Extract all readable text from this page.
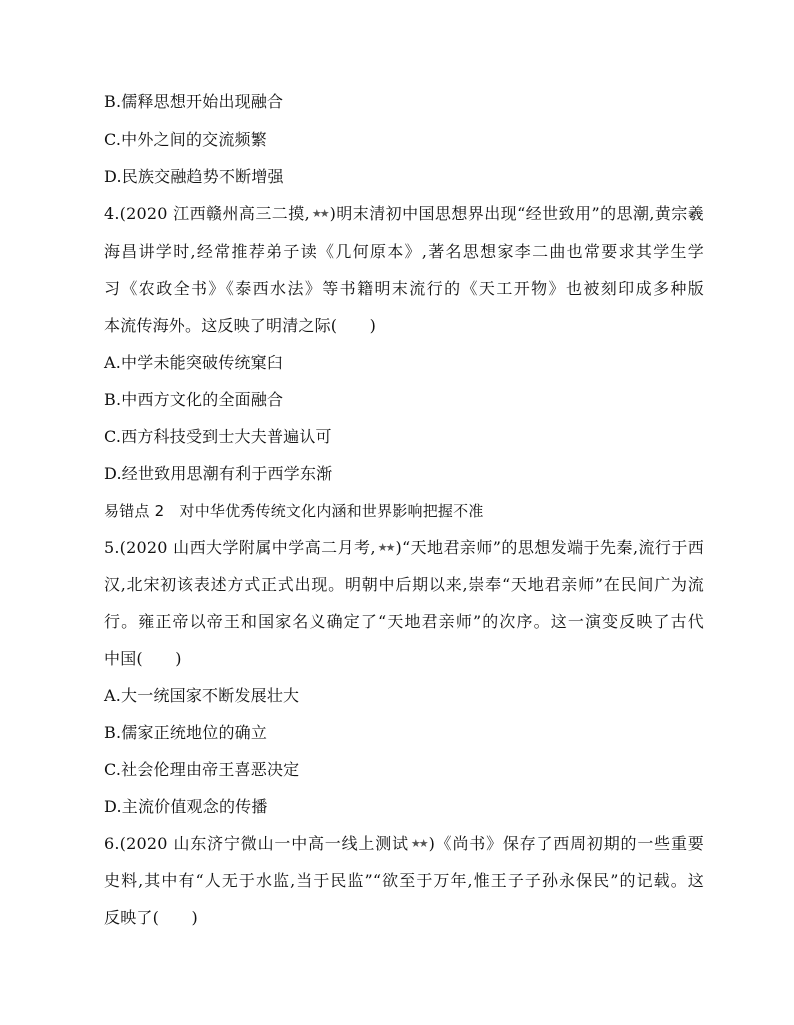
B.儒释思想开始出现融合
C.中外之间的交流频繁
D.民族交融趋势不断增强
4.(2020 江西赣州高三二摸, ★★ )明末清初中国思想界出现“经世致用”的思潮,黄宗羲
海昌讲学时,经常推荐弟子读《几何原本》,著名思想家李二曲也常要求其学生学
习《农政全书》《泰西水法》等书籍明末流行的《天工开物》也被刻印成多种版
本流传海外。这反映了明清之际(　　)
A.中学未能突破传统窠臼
B.中西方文化的全面融合
C.西方科技受到士大夫普遍认可
D.经世致用思潮有利于西学东渐
易错点 2　对中华优秀传统文化内涵和世界影响把握不准
5.(2020 山西大学附属中学高二月考, ★★ )“天地君亲师”的思想发端于先秦,流行于西
汉,北宋初该表述方式正式出现。明朝中后期以来,崇奉“天地君亲师”在民间广为流
行。雍正帝以帝王和国家名义确定了“天地君亲师”的次序。这一演变反映了古代
中国(　　)
A.大一统国家不断发展壮大
B.儒家正统地位的确立
C.社会伦理由帝王喜恶决定
D.主流价值观念的传播
6.(2020 山东济宁微山一中高一线上测试 ★★ )《尚书》保存了西周初期的一些重要
史料,其中有“人无于水监,当于民监”“欲至于万年,惟王子子孙永保民”的记载。这
反映了(　　)
